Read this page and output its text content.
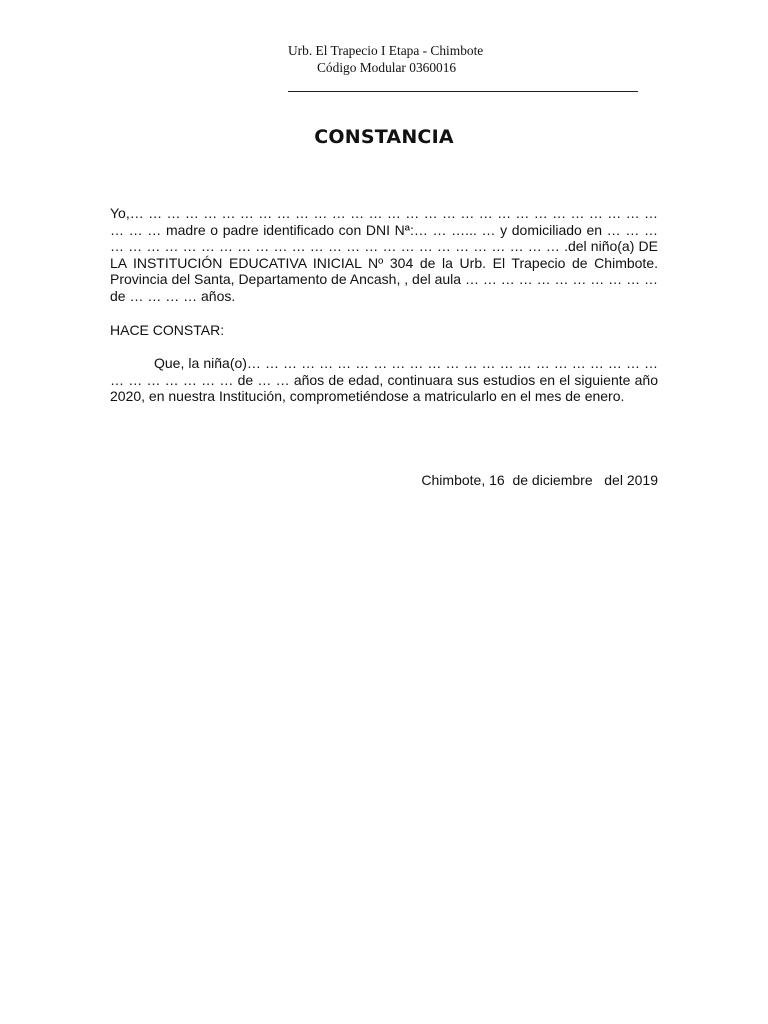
Urb. El Trapecio I Etapa - Chimbote
Código Modular 0360016
CONSTANCIA
Yo,… … … … … … … … … … … … … … … … … … … … … … … … … … … … … … … … madre o padre identificado con DNI Nª:… … …... … y domiciliado en … … … … … … … … … … … … … … … … … … … … … … … … … … … … .del niño(a) DE LA INSTITUCIÓN EDUCATIVA INICIAL Nº 304 de la Urb. El Trapecio de Chimbote. Provincia del Santa, Departamento de Ancash, , del aula … … … … … … … … … … … de … … … … años.
HACE CONSTAR:
Que, la niña(o)… … … … … … … … … … … … … … … … … … … … … … … … … … … … … … de … … años de edad, continuara sus estudios en el siguiente año 2020, en nuestra Institución, comprometiéndose a matricularlo en el mes de enero.
Chimbote, 16  de diciembre   del 2019
